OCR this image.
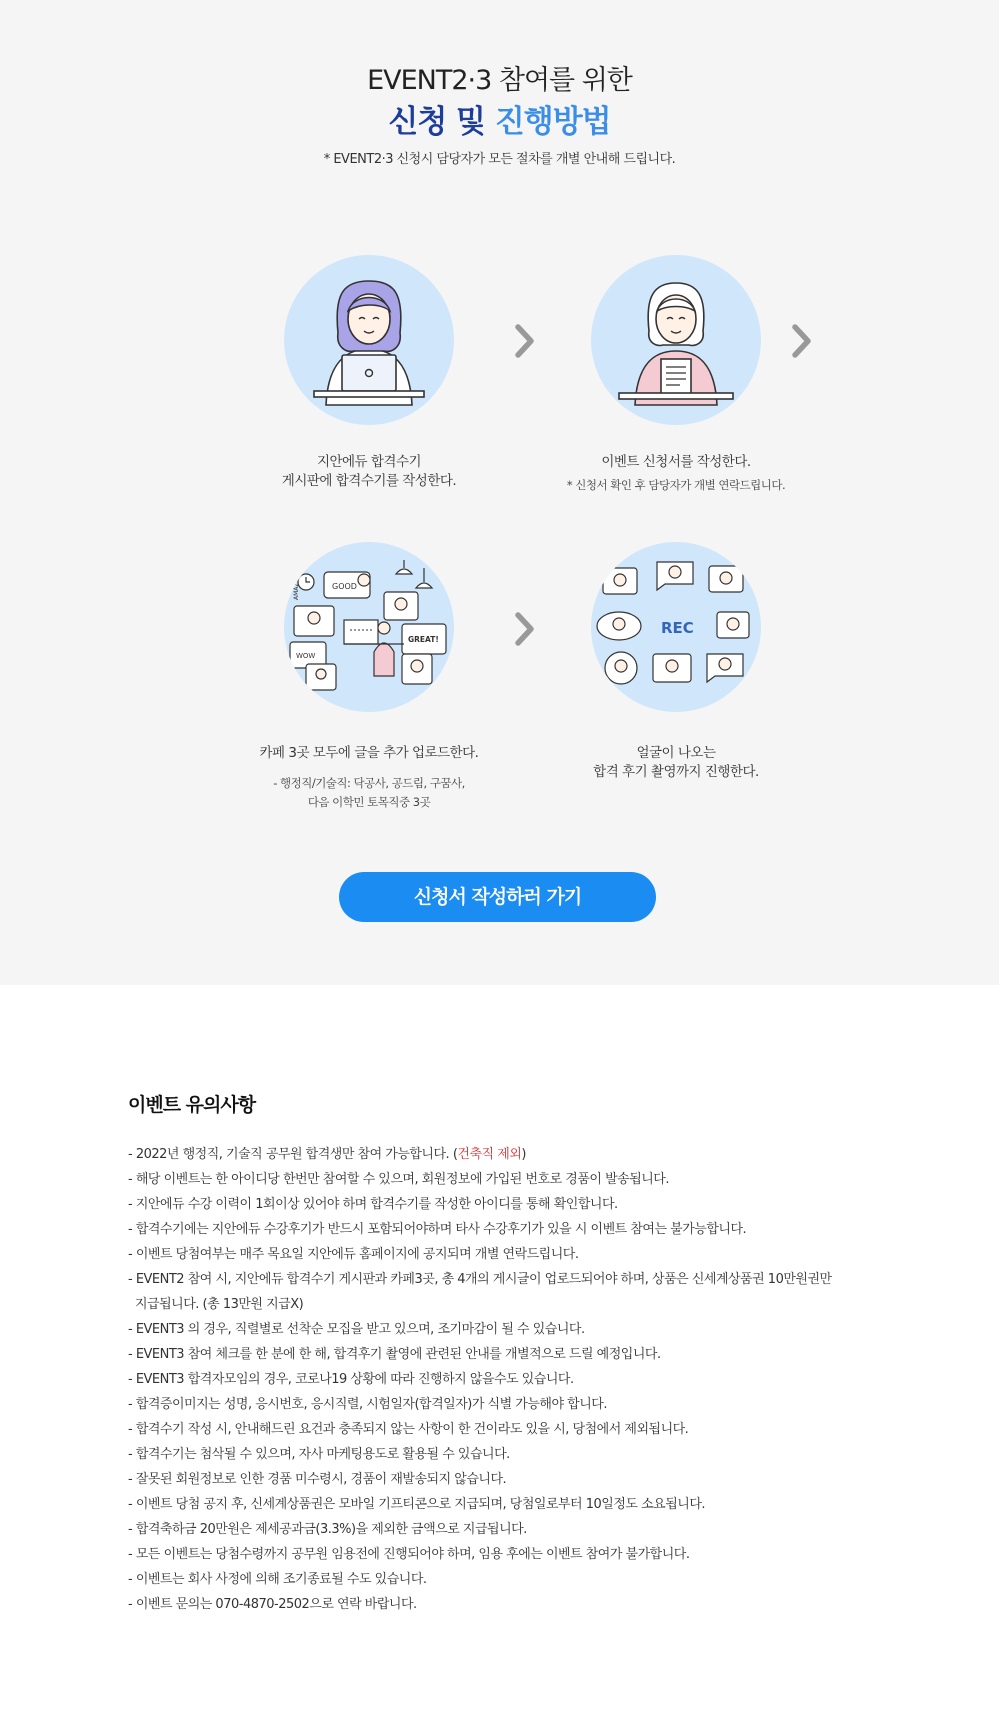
EVENT2·3 참여를 위한
신청 및 진행방법
* EVENT2·3 신청시 담당자가 모든 절차를 개별 안내해 드립니다.
지안에듀 합격수기
게시판에 합격수기를 작성한다.
이벤트 신청서를 작성한다.
* 신청서 확인 후 담당자가 개별 연락드립니다.
AMAZING	GOOD
GREAT!
WOW
REC
카페 3곳 모두에 글을 추가 업로드한다.
- 행정직/기술직: 닥공사, 공드림, 구꿈사,
다음 이학민 토목직중 3곳
얼굴이 나오는
합격 후기 촬영까지 진행한다.
신청서 작성하러 가기
이벤트 유의사항
- 2022년 행정직, 기술직 공무원 합격생만 참여 가능합니다. (건축직 제외)
- 해당 이벤트는 한 아이디당 한번만 참여할 수 있으며, 회원정보에 가입된 번호로 경품이 발송됩니다.
- 지안에듀 수강 이력이 1회이상 있어야 하며 합격수기를 작성한 아이디를 통해 확인합니다.
- 합격수기에는 지안에듀 수강후기가 반드시 포함되어야하며 타사 수강후기가 있을 시 이벤트 참여는 불가능합니다.
- 이벤트 당첨여부는 매주 목요일 지안에듀 홈페이지에 공지되며 개별 연락드립니다.
- EVENT2 참여 시, 지안에듀 합격수기 게시판과 카페3곳, 총 4개의 게시글이 업로드되어야 하며, 상품은 신세계상품권 10만원권만
지급됩니다. (총 13만원 지급X)
- EVENT3 의 경우, 직렬별로 선착순 모집을 받고 있으며, 조기마감이 될 수 있습니다.
- EVENT3 참여 체크를 한 분에 한 해, 합격후기 촬영에 관련된 안내를 개별적으로 드릴 예정입니다.
- EVENT3 합격자모임의 경우, 코로나19 상황에 따라 진행하지 않을수도 있습니다.
- 합격증이미지는 성명, 응시번호, 응시직렬, 시험일자(합격일자)가 식별 가능해야 합니다.
- 합격수기 작성 시, 안내해드린 요건과 충족되지 않는 사항이 한 건이라도 있을 시, 당첨에서 제외됩니다.
- 합격수기는 첨삭될 수 있으며, 자사 마케팅용도로 활용될 수 있습니다.
- 잘못된 회원정보로 인한 경품 미수령시, 경품이 재발송되지 않습니다.
- 이벤트 당첨 공지 후, 신세계상품권은 모바일 기프티콘으로 지급되며, 당첨일로부터 10일정도 소요됩니다.
- 합격축하금 20만원은 제세공과금(3.3%)을 제외한 금액으로 지급됩니다.
- 모든 이벤트는 당첨수령까지 공무원 임용전에 진행되어야 하며, 임용 후에는 이벤트 참여가 불가합니다.
- 이벤트는 회사 사정에 의해 조기종료될 수도 있습니다.
- 이벤트 문의는 070-4870-2502으로 연락 바랍니다.
